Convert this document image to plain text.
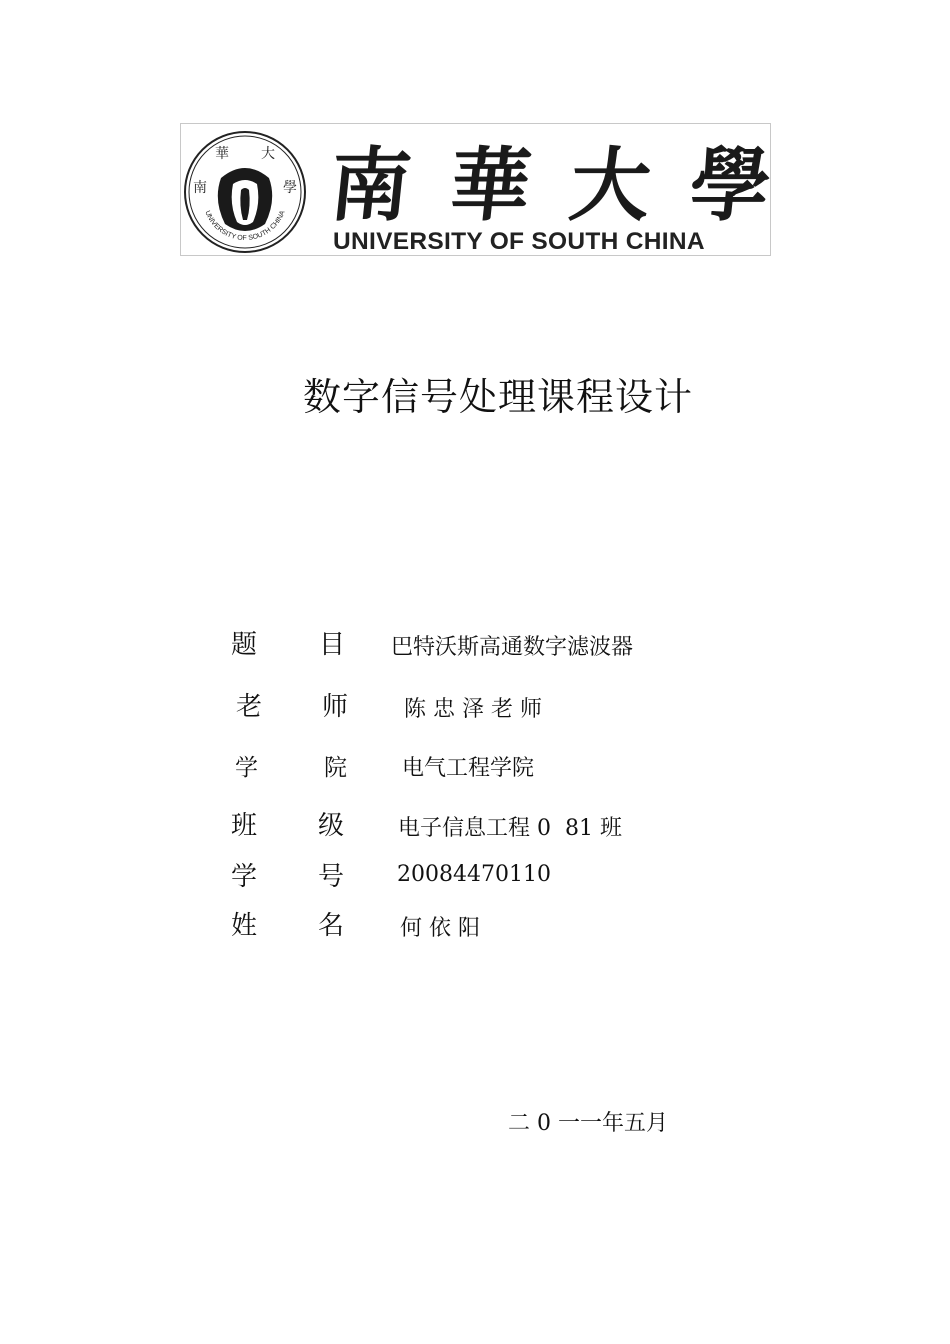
南
華 大
學
UNIVERSITY OF SOUTH CHINA 南 華 大 學
UNIVERSITY OF SOUTH CHINA
数字信号处理课程设计
题 目 巴特沃斯高通数字滤波器
老 师	陈 忠 泽 老 师
学	院	电气工程学院
班 级 电子信息工程 0  81 班
学 号 20084470110
姓 名	何 依 阳
二 0 一一年五月
